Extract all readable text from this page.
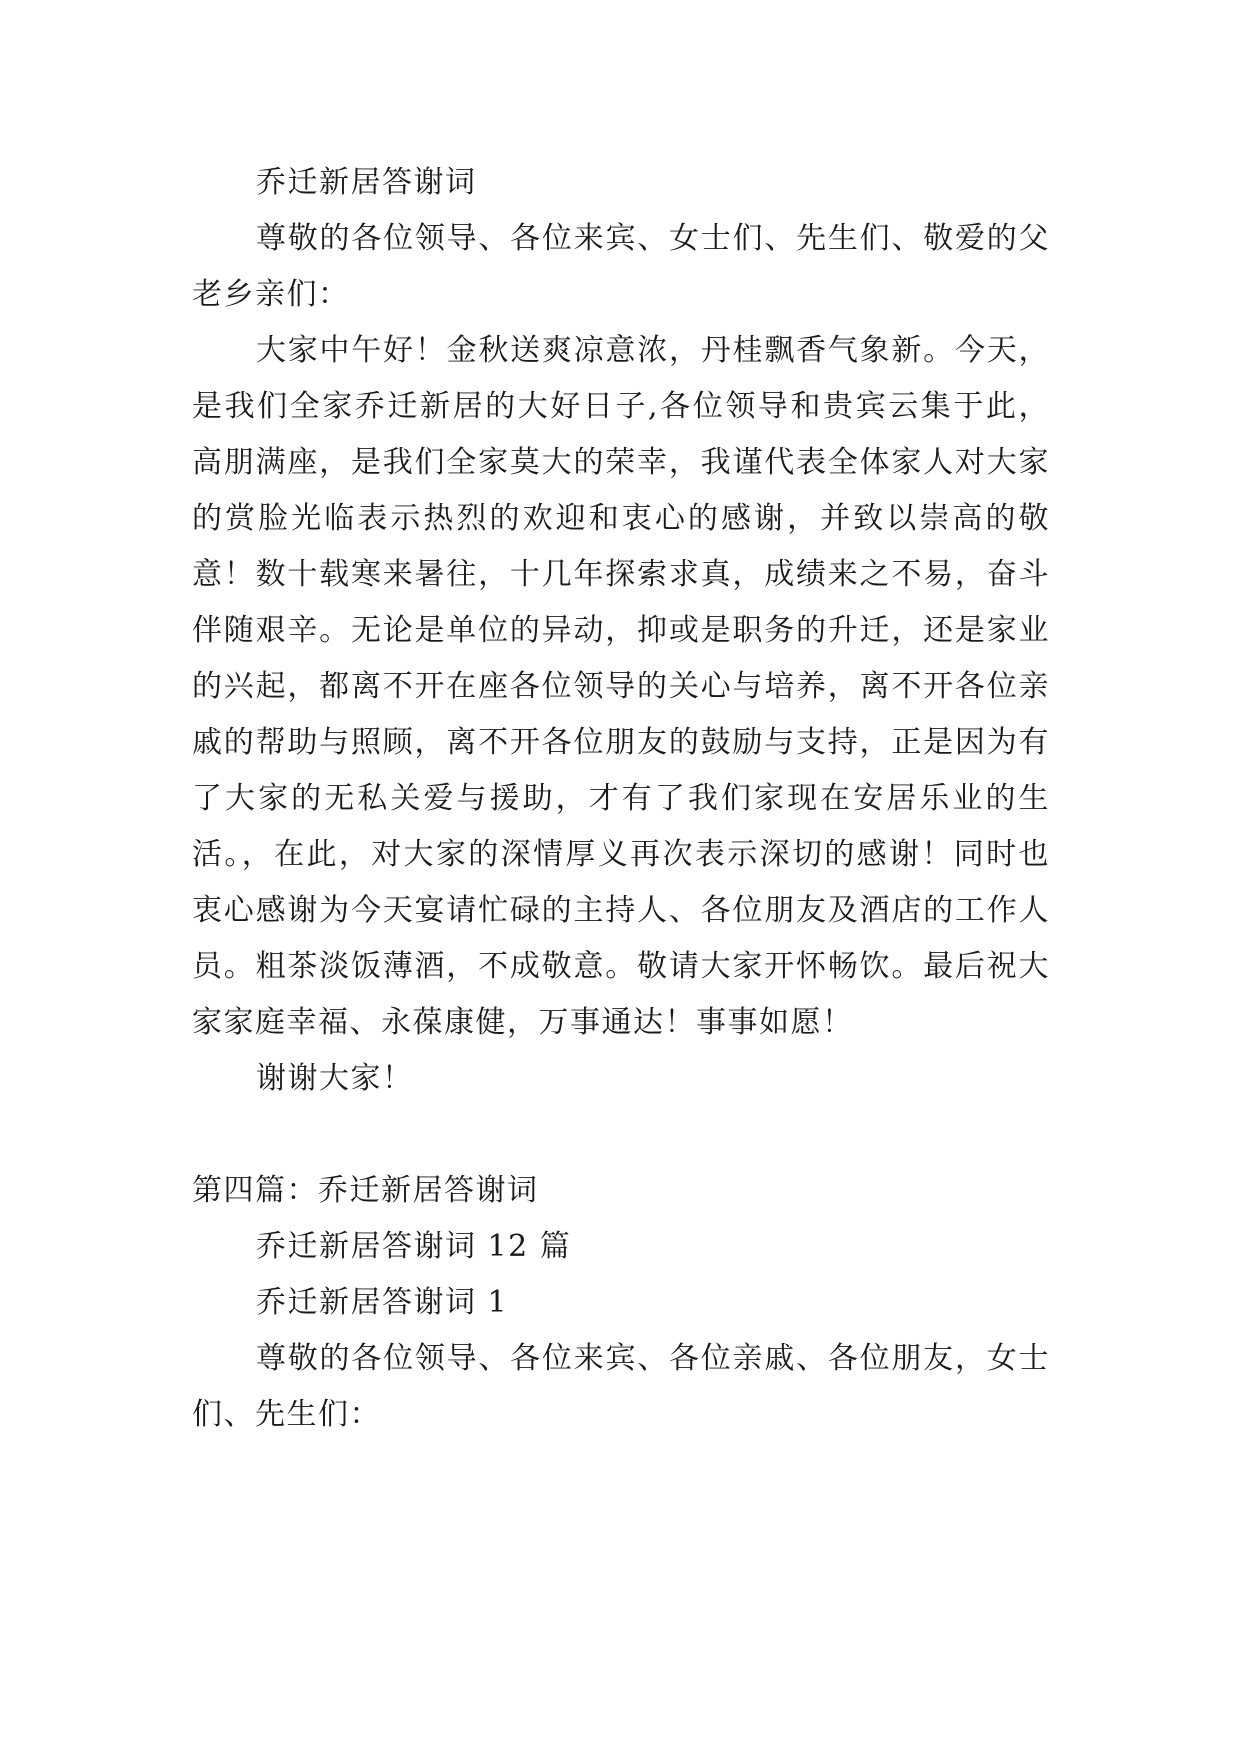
乔迁新居答谢词

尊敬的各位领导、各位来宾、女士们、先生们、敬爱的父老乡亲们：

大家中午好！金秋送爽凉意浓，丹桂飘香气象新。今天，是我们全家乔迁新居的大好日子,各位领导和贵宾云集于此，高朋满座，是我们全家莫大的荣幸，我谨代表全体家人对大家的赏脸光临表示热烈的欢迎和衷心的感谢，并致以崇高的敬意！数十载寒来暑往，十几年探索求真，成绩来之不易，奋斗伴随艰辛。无论是单位的异动，抑或是职务的升迁，还是家业的兴起，都离不开在座各位领导的关心与培养，离不开各位亲戚的帮助与照顾，离不开各位朋友的鼓励与支持，正是因为有了大家的无私关爱与援助，才有了我们家现在安居乐业的生活。，在此，对大家的深情厚义再次表示深切的感谢！同时也衷心感谢为今天宴请忙碌的主持人、各位朋友及酒店的工作人员。粗茶淡饭薄酒，不成敬意。敬请大家开怀畅饮。最后祝大家家庭幸福、永葆康健，万事通达！事事如愿！

谢谢大家！

第四篇：乔迁新居答谢词

乔迁新居答谢词 12 篇

乔迁新居答谢词 1

尊敬的各位领导、各位来宾、各位亲戚、各位朋友，女士们、先生们：
